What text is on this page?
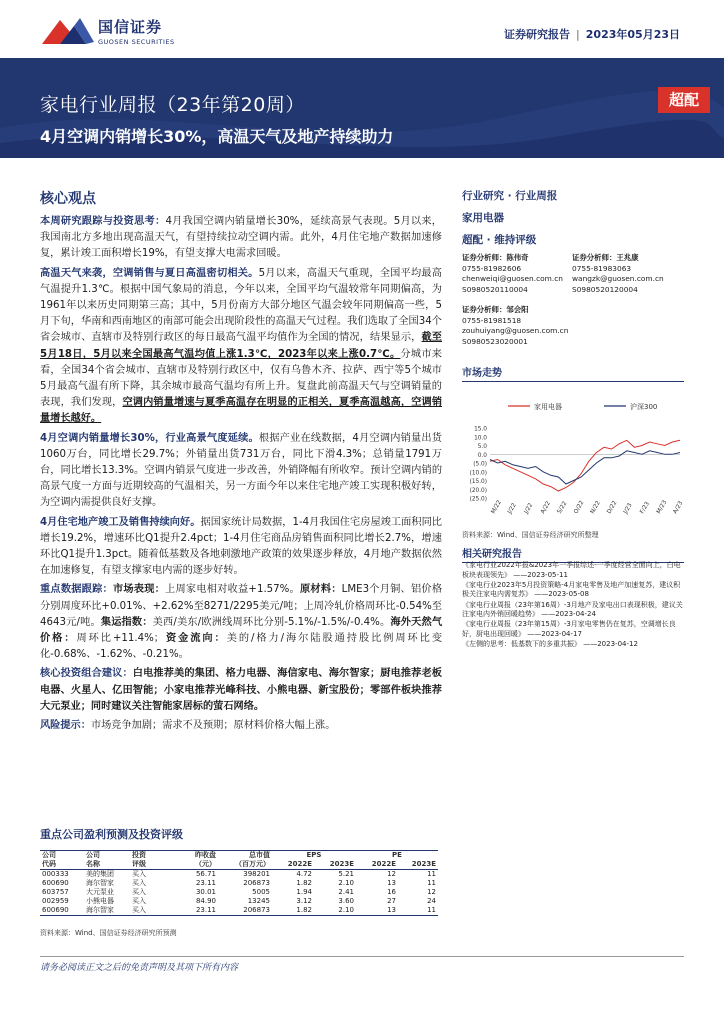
国信证券
GUOSEN SECURITIES
证券研究报告 | 2023年05月23日
家电行业周报（23年第20周）
4月空调内销增长30%，高温天气及地产持续助力
超配
核心观点

本周研究跟踪与投资思考：4月我国空调内销量增长30%，延续高景气表现。5月以来，我国南北方多地出现高温天气，有望持续拉动空调内需。此外，4月住宅地产数据加速修复，累计竣工面积增长19%，有望支撑大电需求回暖。

高温天气来袭，空调销售与夏日高温密切相关。5月以来，高温天气重现，全国平均最高气温提升1.3℃。根据中国气象局的消息，今年以来，全国平均气温较常年同期偏高，为1961年以来历史同期第三高；其中，5月份南方大部分地区气温会较年同期偏高一些，5月下旬，华南和西南地区的南部可能会出现阶段性的高温天气过程。我们选取了全国34个省会城市、直辖市及特别行政区的每日最高气温平均值作为全国的情况，结果显示，截至5月18日，5月以来全国最高气温均值上涨1.3℃，2023年以来上涨0.7℃。分城市来看，全国34个省会城市、直辖市及特别行政区中，仅有乌鲁木齐、拉萨、西宁等5个城市5月最高气温有所下降，其余城市最高气温均有所上升。复盘此前高温天气与空调销量的表现，我们发现，空调内销量增速与夏季高温存在明显的正相关，夏季高温越高，空调销量增长越好。

4月空调内销量增长30%，行业高景气度延续。根据产业在线数据，4月空调内销量出货1060万台，同比增长29.7%；外销量出货731万台，同比下滑4.3%；总销量1791万台，同比增长13.3%。空调内销景气度进一步改善，外销降幅有所收窄。预计空调内销的高景气度一方面与近期较高的气温相关，另一方面今年以来住宅地产竣工实现积极好转，为空调内需提供良好支撑。

4月住宅地产竣工及销售持续向好。据国家统计局数据，1-4月我国住宅房屋竣工面积同比增长19.2%，增速环比Q1提升2.4pct；1-4月住宅商品房销售面积同比增长2.7%，增速环比Q1提升1.3pct。随着低基数及各地刺激地产政策的效果逐步释放，4月地产数据依然在加速修复，有望支撑家电内需的逐步好转。

重点数据跟踪：市场表现：上周家电相对收益+1.57%。原材料：LME3个月铜、铝价格分别周度环比+0.01%、+2.62%至8271/2295美元/吨；上周冷轧价格周环比-0.54%至4643元/吨。集运指数：美西/美东/欧洲线周环比分别-5.1%/-1.5%/-0.4%。海外天然气价格：周环比+11.4%；资金流向：美的/格力/海尔陆股通持股比例周环比变化-0.68%、-1.62%、-0.21%。

核心投资组合建议：白电推荐美的集团、格力电器、海信家电、海尔智家；厨电推荐老板电器、火星人、亿田智能；小家电推荐光峰科技、小熊电器、新宝股份；零部件板块推荐大元泵业；同时建议关注智能家居标的萤石网络。

风险提示：市场竞争加剧；需求不及预期；原材料价格大幅上涨。

重点公司盈利预测及投资评级
公司	公司	投资	昨收盘	总市值	EPS		PE	
代码	名称	评级	（元）	（百万元）	2022E	2023E	2022E	2023E
000333	美的集团	买入	56.71	398201	4.72	5.21	12	11
600690	海尔智家	买入	23.11	206873	1.82	2.10	13	11
603757	大元泵业	买入	30.01	5005	1.94	2.41	16	12
002959	小熊电器	买入	84.90	13245	3.12	3.60	27	24
600690	海尔智家	买入	23.11	206873	1.82	2.10	13	11
资料来源：Wind、国信证券经济研究所预测
行业研究 · 行业周报
家用电器
超配 · 维持评级
证券分析师：陈伟奇
0755-81982606
chenweiqi@guosen.com.cn
S0980520110004
证券分析师：王兆康
0755-81983063
wangzk@guosen.com.cn
S0980520120004
证券分析师：邹会阳
0755-81981518
zouhuiyang@guosen.com.cn
S0980523020001
市场走势
家用电器	沪深300
15.0
10.0
5.0
0.0
(5.0)
(10.0)
(15.0)
(20.0)
(25.0)
M/22 J/22 J/22 A/22 S/22 O/22 N/22 D/22 J/23 F/23 M/23 A/23
资料来源：Wind、国信证券经济研究所整理
相关研究报告

《家电行业2022年报&2023年一季报综述-一季度经营全面向上，白电板块表现领先》 ——2023-05-11

《家电行业2023年5月投资策略-4月家电零售及地产加速复苏，建议积极关注家电内需复苏》 ——2023-05-08

《家电行业周报（23年第16周）-3月地产及家电出口表现积极，建议关注家电内外销回暖趋势》 ——2023-04-24

《家电行业周报（23年第15周）-3月家电零售仍在复苏，空调增长良好，厨电出现回暖》 ——2023-04-17

《左侧的思考：低基数下的多重共振》 ——2023-04-12

请务必阅读正文之后的免责声明及其项下所有内容
